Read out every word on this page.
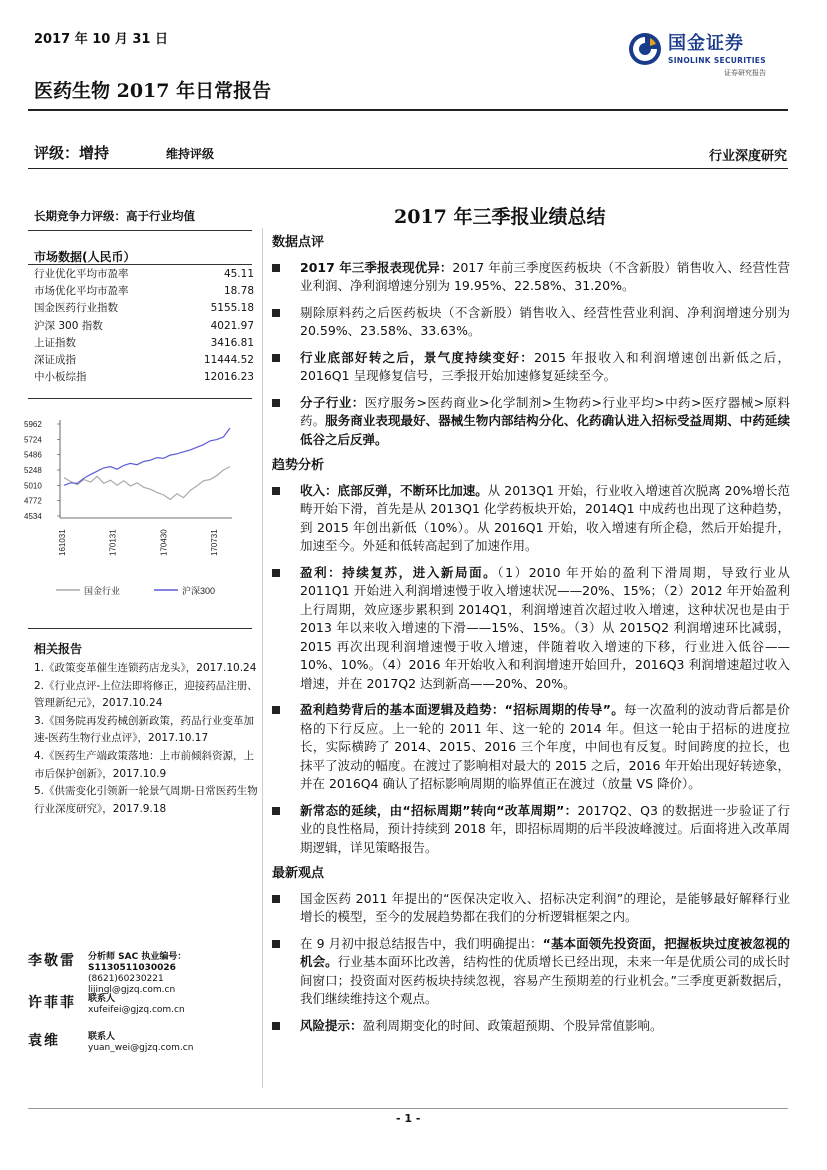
2017 年 10 月 31 日	国金证券
SINOLINK SECURITIES
证券研究报告
医药生物 2017 年日常报告
评级：增持	维持评级	行业深度研究
长期竞争力评级：高于行业均值
市场数据(人民币）
行业优化平均市盈率	45.11
市场优化平均市盈率	18.78
国金医药行业指数	5155.18
沪深 300 指数	4021.97
上证指数	3416.81
深证成指	11444.52
中小板综指	12016.23
5962
5724
5486
5248
5010
4772
4534
161031	170131	170430	170731
国金行业	沪深300
相关报告
1.《政策变革催生连锁药店龙头》，2017.10.24
2.《行业点评-上位法即将修正，迎接药品注册、管理新纪元》，2017.10.24
3.《国务院再发药械创新政策，药品行业变革加速-医药生物行业点评》，2017.10.17
4.《医药生产端政策落地：上市前倾斜资源，上市后保护创新》，2017.10.9
5.《供需变化引领新一轮景气周期-日常医药生物行业深度研究》，2017.9.18
李敬雷 分析师 SAC 执业编号：S1130511030026
(8621)60230221
lijingl@gjzq.com.cn
许菲菲 联系人
xufeifei@gjzq.com.cn
袁维	联系人
yuan_wei@gjzq.com.cn
2017 年三季报业绩总结
数据点评
2017 年三季报表现优异：2017 年前三季度医药板块（不含新股）销售收入、经营性营业利润、净利润增速分别为 19.95%、22.58%、31.20%。
剔除原料药之后医药板块（不含新股）销售收入、经营性营业利润、净利润增速分别为 20.59%、23.58%、33.63%。
行业底部好转之后，景气度持续变好：2015 年报收入和利润增速创出新低之后，2016Q1 呈现修复信号，三季报开始加速修复延续至今。
分子行业：医疗服务>医药商业>化学制剂>生物药>行业平均>中药>医疗器械>原料药。服务商业表现最好、器械生物内部结构分化、化药确认进入招标受益周期、中药延续低谷之后反弹。
趋势分析
收入：底部反弹，不断环比加速。从 2013Q1 开始，行业收入增速首次脱离 20%增长范畴开始下滑，首先是从 2013Q1 化学药板块开始，2014Q1 中成药也出现了这种趋势，到 2015 年创出新低（10%）。从 2016Q1 开始，收入增速有所企稳，然后开始提升，加速至今。外延和低转高起到了加速作用。
盈利：持续复苏，进入新局面。（1）2010 年开始的盈利下滑周期，导致行业从 2011Q1 开始进入利润增速慢于收入增速状况——20%、15%；（2）2012 年开始盈利上行周期，效应逐步累积到 2014Q1，利润增速首次超过收入增速，这种状况也是由于 2013 年以来收入增速的下滑——15%、15%。（3）从 2015Q2 利润增速环比减弱，2015 再次出现利润增速慢于收入增速，伴随着收入增速的下移，行业进入低谷——10%、10%。（4）2016 年开始收入和利润增速开始回升，2016Q3 利润增速超过收入增速，并在 2017Q2 达到新高——20%、20%。
盈利趋势背后的基本面逻辑及趋势：“招标周期的传导”。每一次盈利的波动背后都是价格的下行反应。上一轮的 2011 年、这一轮的 2014 年。但这一轮由于招标的进度拉长，实际横跨了 2014、2015、2016 三个年度，中间也有反复。时间跨度的拉长，也抹平了波动的幅度。在渡过了影响相对最大的 2015 之后，2016 年开始出现好转迹象，并在 2016Q4 确认了招标影响周期的临界值正在渡过（放量 VS 降价）。
新常态的延续，由“招标周期”转向“改革周期”：2017Q2、Q3 的数据进一步验证了行业的良性格局，预计持续到 2018 年，即招标周期的后半段波峰渡过。后面将进入改革周期逻辑，详见策略报告。
最新观点
国金医药 2011 年提出的“医保决定收入、招标决定利润”的理论，是能够最好解释行业增长的模型，至今的发展趋势都在我们的分析逻辑框架之内。
在 9 月初中报总结报告中，我们明确提出：“基本面领先投资面，把握板块过度被忽视的机会。行业基本面环比改善，结构性的优质增长已经出现，未来一年是优质公司的成长时间窗口；投资面对医药板块持续忽视，容易产生预期差的行业机会。”三季度更新数据后，我们继续维持这个观点。
风险提示：盈利周期变化的时间、政策超预期、个股异常值影响。
- 1 -
